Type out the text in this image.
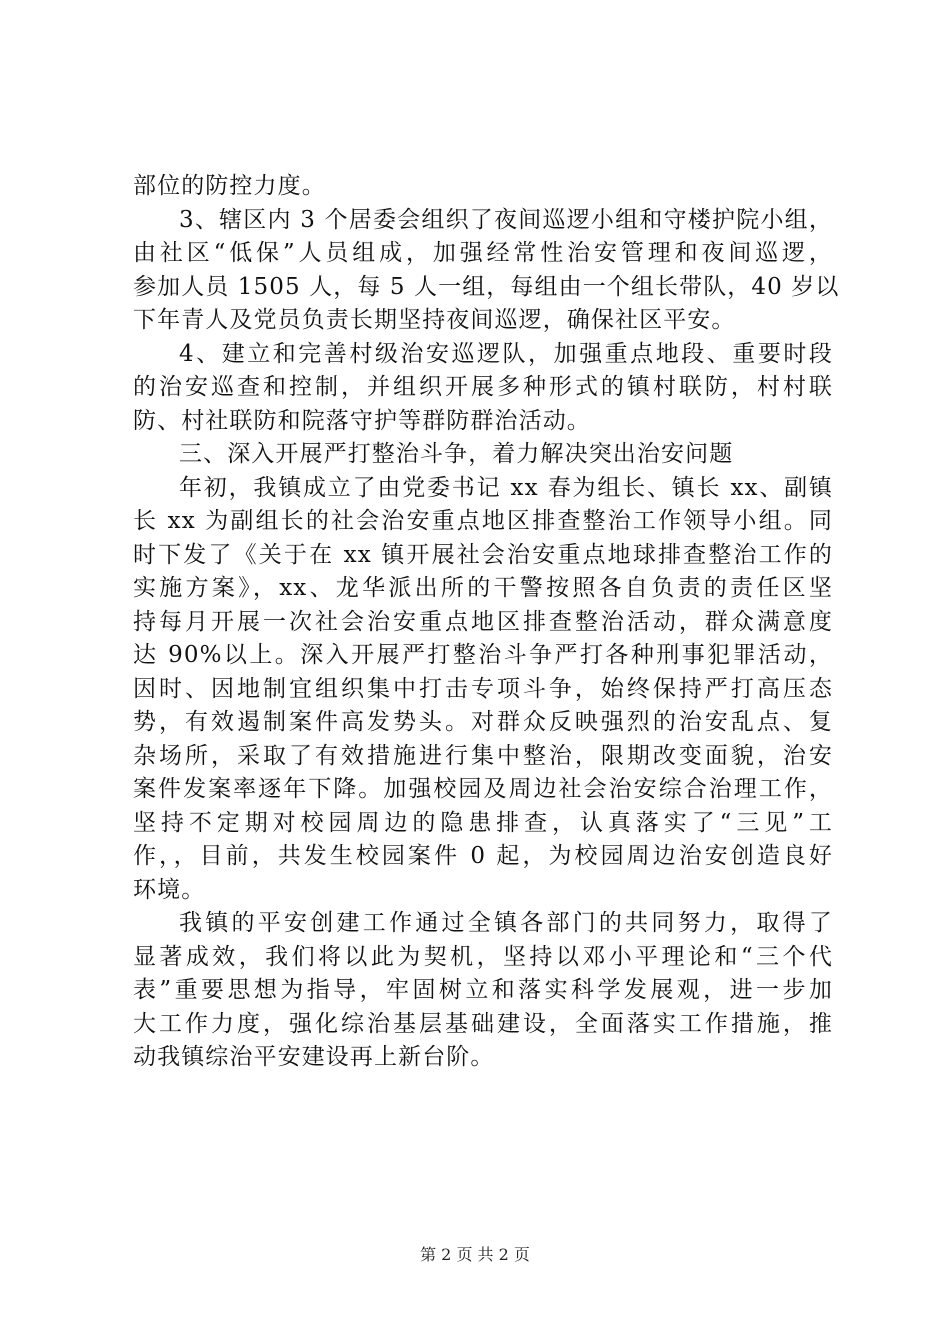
部位的防控力度。
3、辖区内 3 个居委会组织了夜间巡逻小组和守楼护院小组，
由社区“低保”人员组成，加强经常性治安管理和夜间巡逻，
参加人员 1505 人，每 5 人一组，每组由一个组长带队，40 岁以
下年青人及党员负责长期坚持夜间巡逻，确保社区平安。
4、建立和完善村级治安巡逻队，加强重点地段、重要时段
的治安巡查和控制，并组织开展多种形式的镇村联防，村村联
防、村社联防和院落守护等群防群治活动。
三、深入开展严打整治斗争，着力解决突出治安问题
年初，我镇成立了由党委书记 xx 春为组长、镇长 xx、副镇
长 xx 为副组长的社会治安重点地区排查整治工作领导小组。同
时下发了《关于在 xx 镇开展社会治安重点地球排查整治工作的
实施方案》，xx、龙华派出所的干警按照各自负责的责任区坚
持每月开展一次社会治安重点地区排查整治活动，群众满意度
达 90%以上。深入开展严打整治斗争严打各种刑事犯罪活动，
因时、因地制宜组织集中打击专项斗争，始终保持严打高压态
势，有效遏制案件高发势头。对群众反映强烈的治安乱点、复
杂场所，采取了有效措施进行集中整治，限期改变面貌，治安
案件发案率逐年下降。加强校园及周边社会治安综合治理工作，
坚持不定期对校园周边的隐患排查，认真落实了“三见”工
作，，目前，共发生校园案件 0 起，为校园周边治安创造良好
环境。
我镇的平安创建工作通过全镇各部门的共同努力，取得了
显著成效，我们将以此为契机，坚持以邓小平理论和“三个代
表”重要思想为指导，牢固树立和落实科学发展观，进一步加
大工作力度，强化综治基层基础建设，全面落实工作措施，推
动我镇综治平安建设再上新台阶。
第 2 页 共 2 页
